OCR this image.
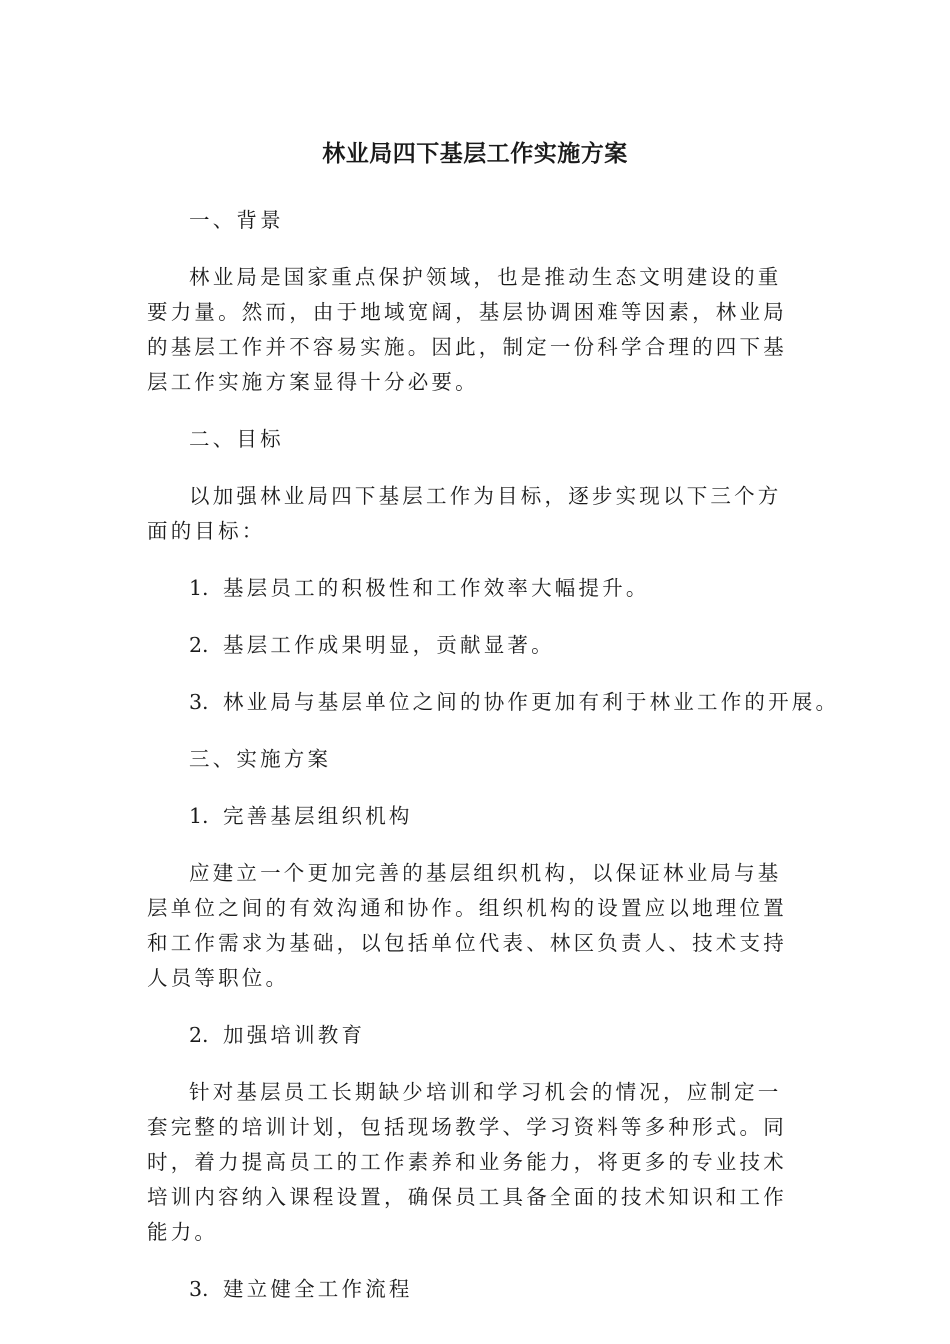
林业局四下基层工作实施方案
一、背景
林业局是国家重点保护领域，也是推动生态文明建设的重要力量。然而，由于地域宽阔，基层协调困难等因素，林业局的基层工作并不容易实施。因此，制定一份科学合理的四下基层工作实施方案显得十分必要。
二、目标
以加强林业局四下基层工作为目标，逐步实现以下三个方面的目标：
1. 基层员工的积极性和工作效率大幅提升。
2. 基层工作成果明显，贡献显著。
3. 林业局与基层单位之间的协作更加有利于林业工作的开展。
三、实施方案
1. 完善基层组织机构
应建立一个更加完善的基层组织机构，以保证林业局与基层单位之间的有效沟通和协作。组织机构的设置应以地理位置和工作需求为基础，以包括单位代表、林区负责人、技术支持人员等职位。
2. 加强培训教育
针对基层员工长期缺少培训和学习机会的情况，应制定一套完整的培训计划，包括现场教学、学习资料等多种形式。同时，着力提高员工的工作素养和业务能力，将更多的专业技术培训内容纳入课程设置，确保员工具备全面的技术知识和工作能力。
3. 建立健全工作流程
